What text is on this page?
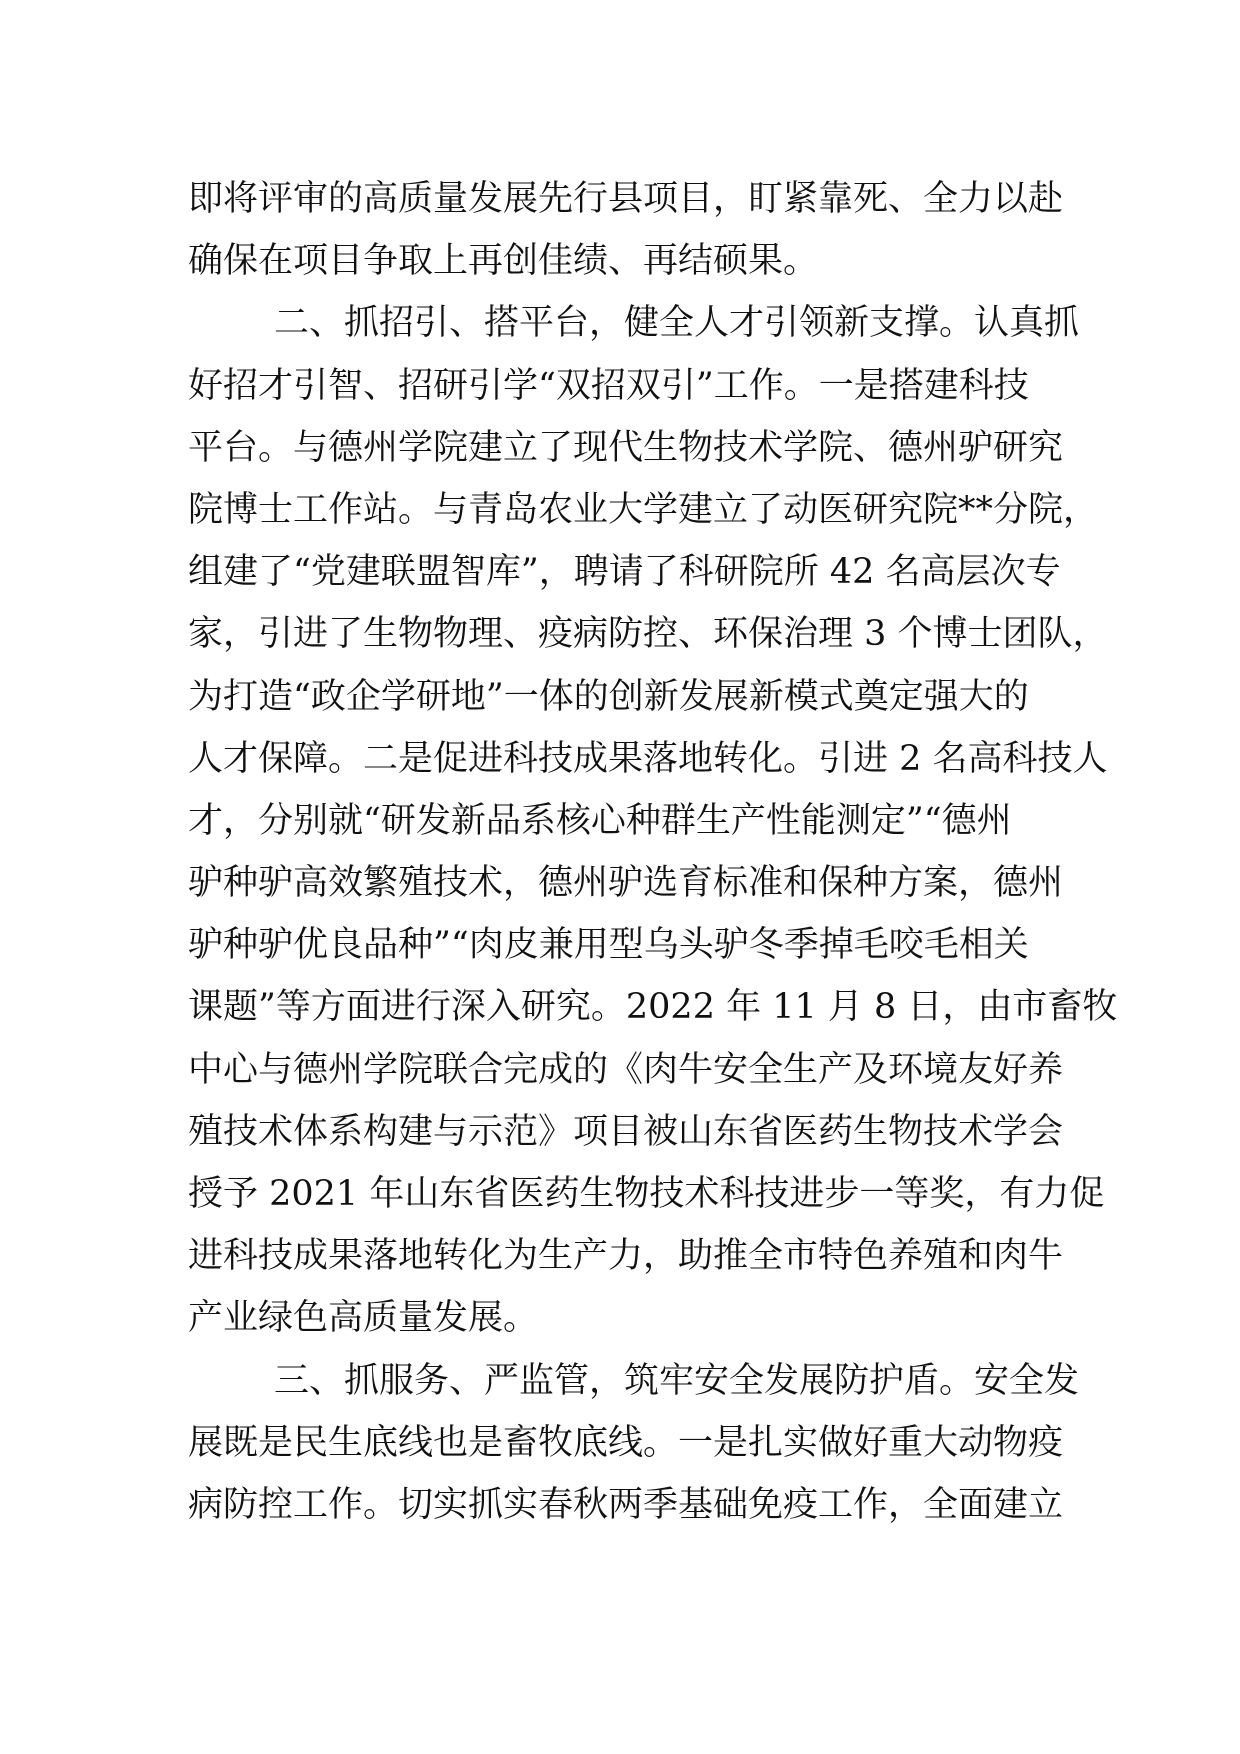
即将评审的高质量发展先行县项目，盯紧靠死、全力以赴
确保在项目争取上再创佳绩、再结硕果。
二、抓招引、搭平台，健全人才引领新支撑。认真抓
好招才引智、招研引学“双招双引”工作。一是搭建科技
平台。与德州学院建立了现代生物技术学院、德州驴研究
院博士工作站。与青岛农业大学建立了动医研究院**分院，
组建了“党建联盟智库”，聘请了科研院所 42 名高层次专
家，引进了生物物理、疫病防控、环保治理 3 个博士团队，
为打造“政企学研地”一体的创新发展新模式奠定强大的
人才保障。二是促进科技成果落地转化。引进 2 名高科技人
才，分别就“研发新品系核心种群生产性能测定”“德州
驴种驴高效繁殖技术，德州驴选育标准和保种方案，德州
驴种驴优良品种”“肉皮兼用型乌头驴冬季掉毛咬毛相关
课题”等方面进行深入研究。2022 年 11 月 8 日，由市畜牧
中心与德州学院联合完成的《肉牛安全生产及环境友好养
殖技术体系构建与示范》项目被山东省医药生物技术学会
授予 2021 年山东省医药生物技术科技进步一等奖，有力促
进科技成果落地转化为生产力，助推全市特色养殖和肉牛
产业绿色高质量发展。
三、抓服务、严监管，筑牢安全发展防护盾。安全发
展既是民生底线也是畜牧底线。一是扎实做好重大动物疫
病防控工作。切实抓实春秋两季基础免疫工作，全面建立
